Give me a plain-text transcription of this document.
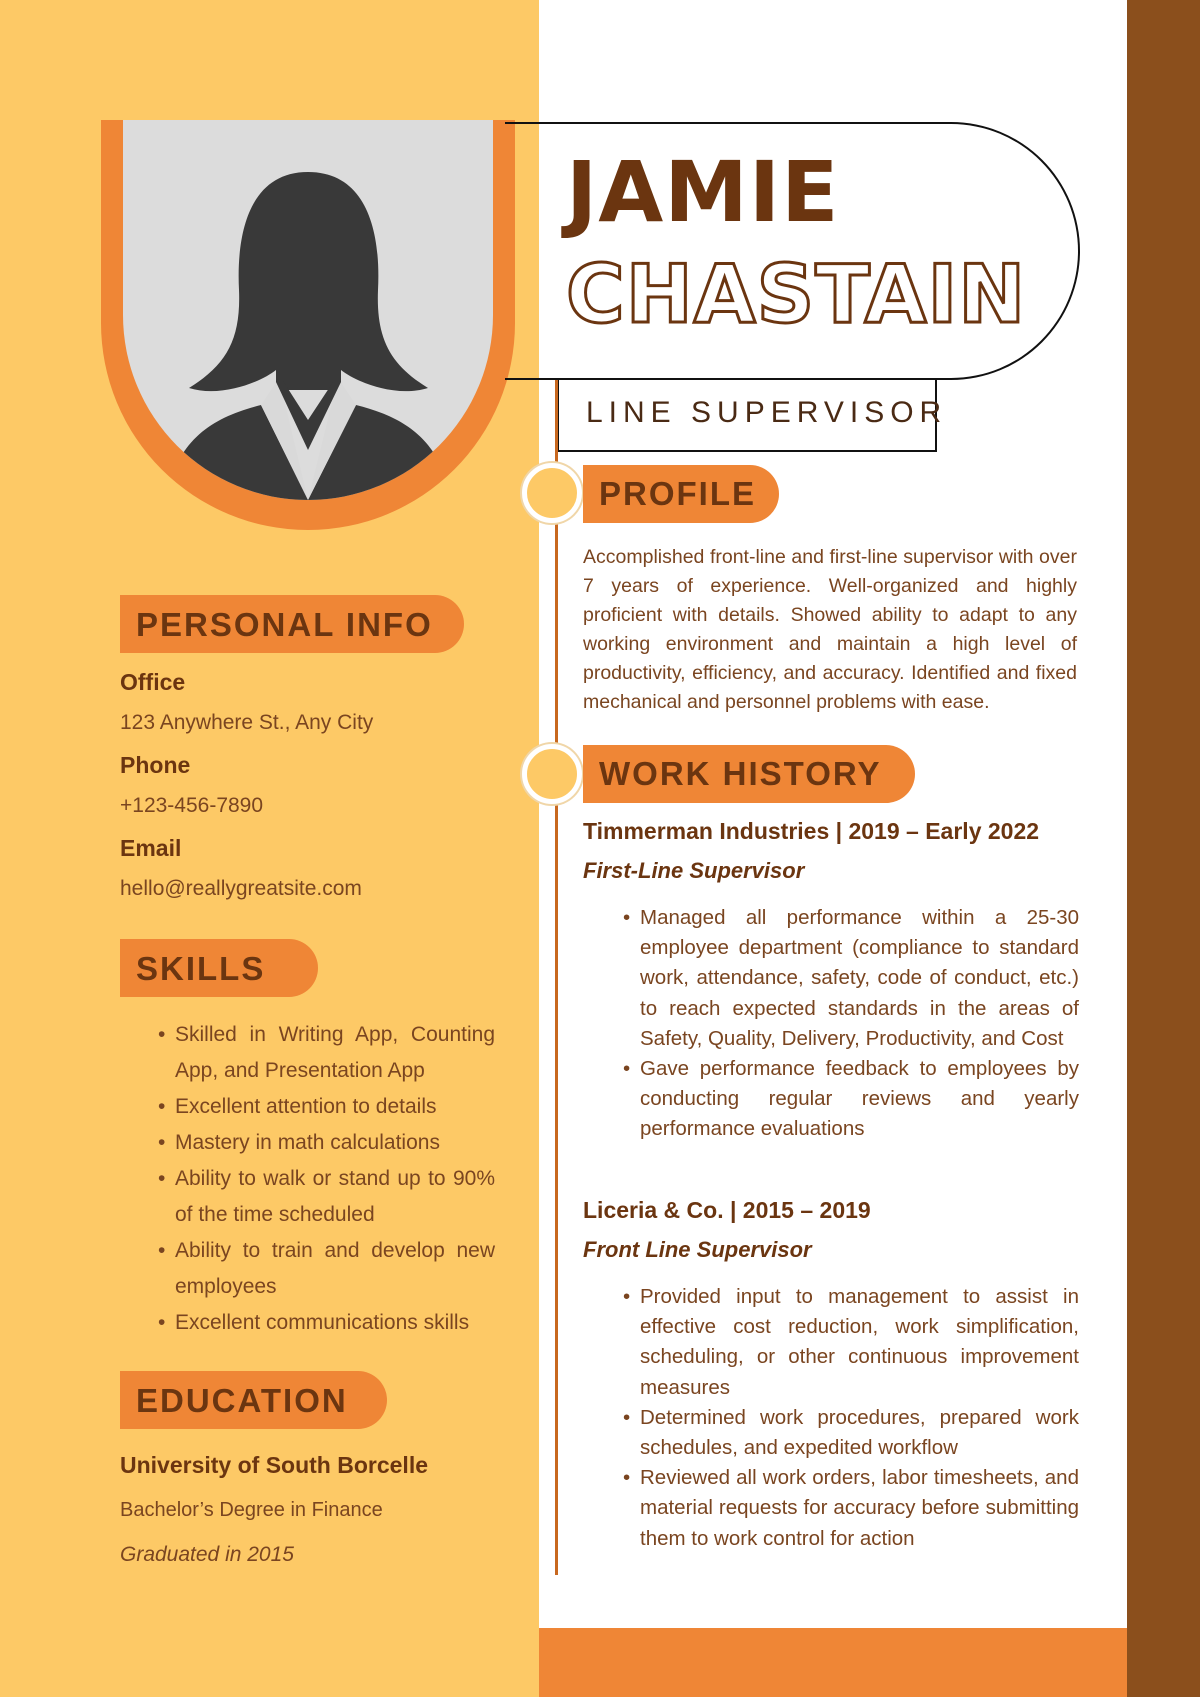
JAMIE
CHASTAIN
LINE SUPERVISOR
PROFILE
Accomplished front-line and first-line supervisor with over 7 years of experience. Well-organized and highly proficient with details. Showed ability to adapt to any working environment and maintain a high level of productivity, efficiency, and accuracy. Identified and fixed mechanical and personnel problems with ease.
WORK HISTORY
Timmerman Industries | 2019 – Early 2022
First-Line Supervisor
• Managed all performance within a 25-30 employee department (compliance to standard work, attendance, safety, code of conduct, etc.) to reach expected standards in the areas of Safety, Quality, Delivery, Productivity, and Cost
• Gave performance feedback to employees by conducting regular reviews and yearly performance evaluations
Liceria & Co. | 2015 – 2019
Front Line Supervisor
• Provided input to management to assist in effective cost reduction, work simplification, scheduling, or other continuous improvement measures
• Determined work procedures, prepared work schedules, and expedited workflow
• Reviewed all work orders, labor timesheets, and material requests for accuracy before submitting them to work control for action
PERSONAL INFO
Office
123 Anywhere St., Any City
Phone
+123-456-7890
Email
hello@reallygreatsite.com
SKILLS
• Skilled in Writing App, Counting App, and Presentation App
• Excellent attention to details
• Mastery in math calculations
• Ability to walk or stand up to 90% of the time scheduled
• Ability to train and develop new employees
• Excellent communications skills
EDUCATION
University of South Borcelle
Bachelor’s Degree in Finance
Graduated in 2015
